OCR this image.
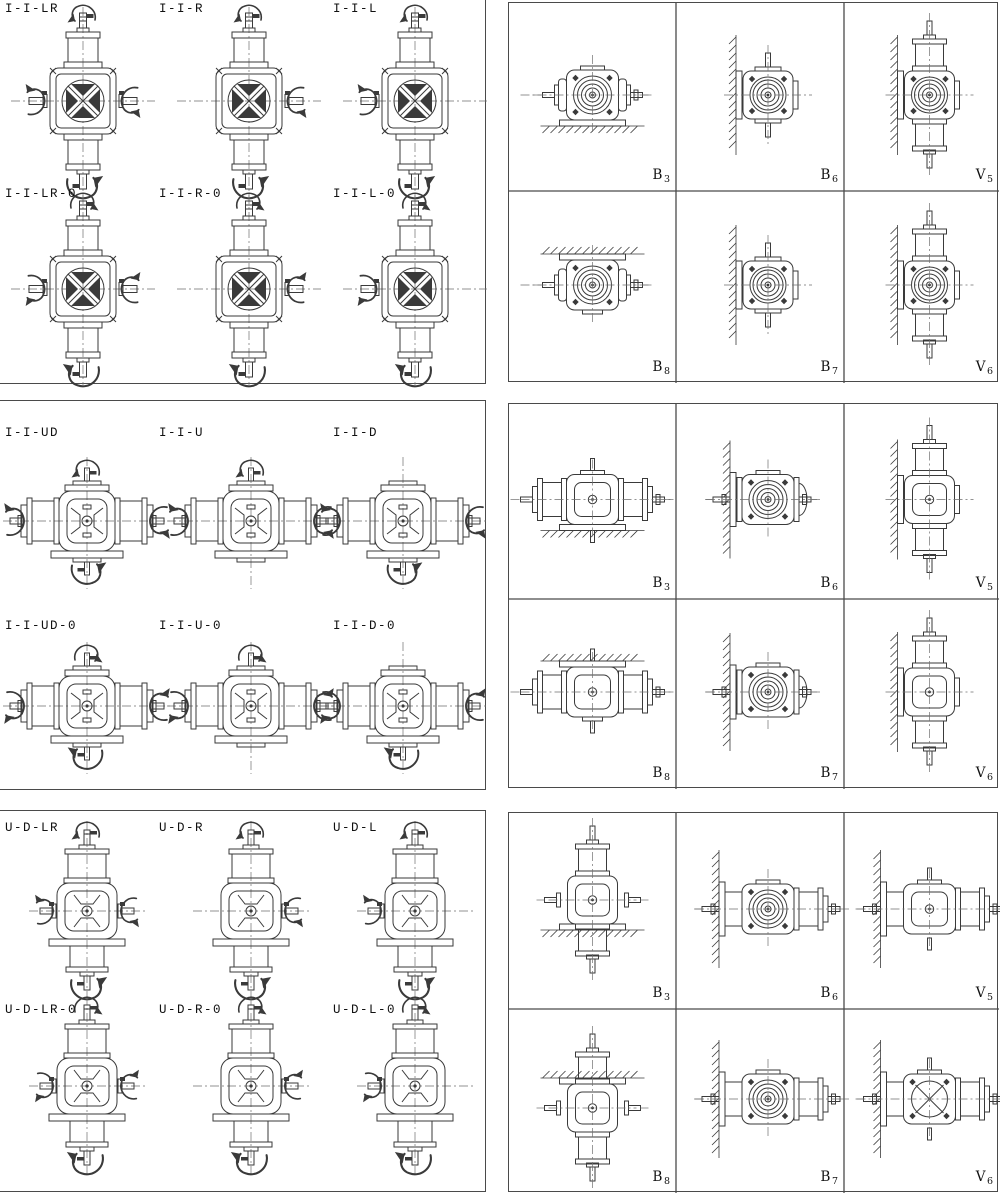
I-I-LR	I-I-R	I-I-L
I-I-LR-0	I-I-R-0	I-I-L-0
B 3	B 6	V 5
B 8	B 7	V 6
I-I-UD	I-I-U	I-I-D
I-I-UD-0	I-I-U-0	I-I-D-0
B 3	B 6	V 5
B 8	B 7	V 6
U-D-LR	U-D-R	U-D-L
U-D-LR-0	U-D-R-0	U-D-L-0
B 3	B 6	V 5
B 8	B 7	V 6
